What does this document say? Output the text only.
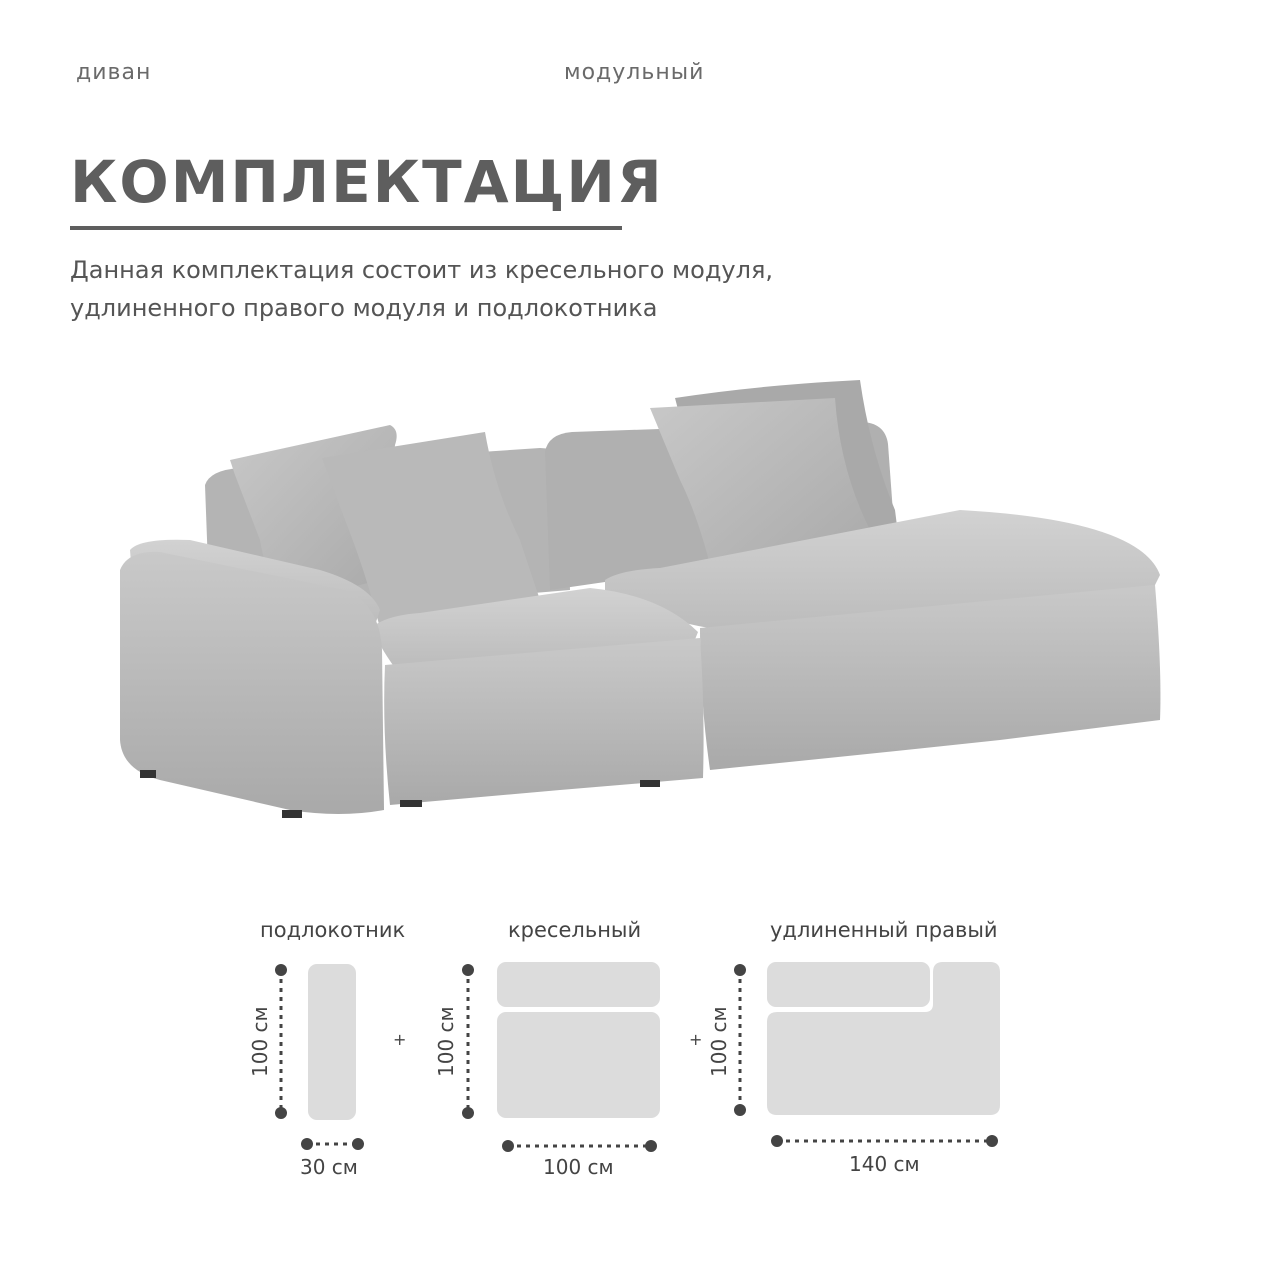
диван	модульный
КОМПЛЕКТАЦИЯ
Данная комплектация состоит из кресельного модуля,
удлиненного правого модуля и подлокотника
подлокотник	кресельный	удлиненный правый
100 см	100 см	100 см
30 см	100 см	140 см
+	+
